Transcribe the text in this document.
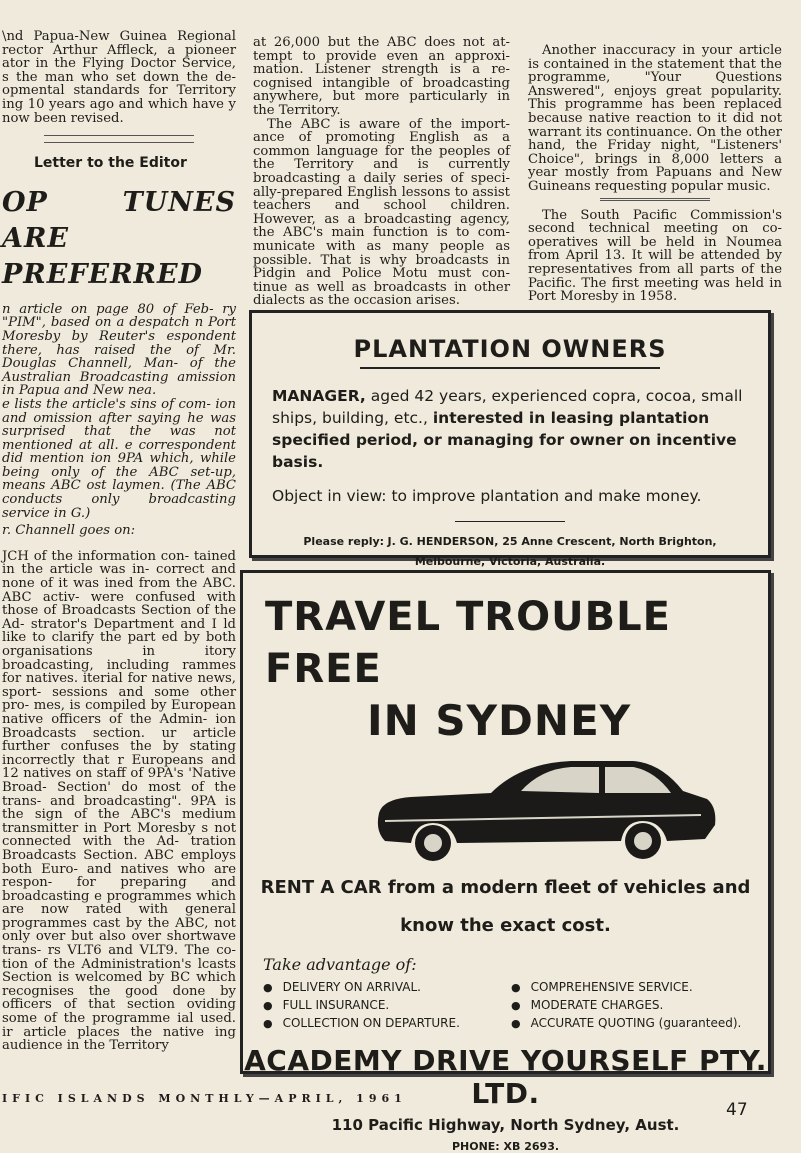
\nd Papua-New Guinea Regional rector Arthur Affleck, a pioneer ator in the Flying Doctor Service, s the man who set down the de- opmental standards for Territory ing 10 years ago and which have y now been revised.

Letter to the Editor
OP TUNES ARE PREFERRED

n article on page 80 of Feb- ry "PIM", based on a despatch n Port Moresby by Reuter's espondent there, has raised the of Mr. Douglas Channell, Man- of the Australian Broadcasting amission in Papua and New nea.

e lists the article's sins of com- ion and omission after saying he was surprised that the was not mentioned at all. e correspondent did mention ion 9PA which, while being only of the ABC set-up, means ABC ost laymen. (The ABC conducts only broadcasting service in G.)

r. Channell goes on:

JCH of the information con- tained in the article was in- correct and none of it was ined from the ABC. ABC activ- were confused with those of Broadcasts Section of the Ad- strator's Department and I ld like to clarify the part ed by both organisations in itory broadcasting, including rammes for natives. iterial for native news, sport- sessions and some other pro- mes, is compiled by European native officers of the Admin- ion Broadcasts section. ur article further confuses the by stating incorrectly that r Europeans and 12 natives on staff of 9PA's 'Native Broad- Section' do most of the trans- and broadcasting". 9PA is the sign of the ABC's medium transmitter in Port Moresby s not connected with the Ad- tration Broadcasts Section. ABC employs both Euro- and natives who are respon- for preparing and broadcasting e programmes which are now rated with general programmes cast by the ABC, not only over but also over shortwave trans- rs VLT6 and VLT9. The co- tion of the Administration's lcasts Section is welcomed by BC which recognises the good done by officers of that section oviding some of the programme ial used. ir article places the native ing audience in the Territory

at 26,000 but the ABC does not at- tempt to provide even an approxi- mation. Listener strength is a re- cognised intangible of broadcasting anywhere, but more particularly in the Territory.

The ABC is aware of the import- ance of promoting English as a common language for the peoples of the Territory and is currently broadcasting a daily series of speci- ally-prepared English lessons to assist teachers and school children. However, as a broadcasting agency, the ABC's main function is to com- municate with as many people as possible. That is why broadcasts in Pidgin and Police Motu must con- tinue as well as broadcasts in other dialects as the occasion arises.

Another inaccuracy in your article is contained in the statement that the programme, "Your Questions Answered", enjoys great popularity. This programme has been replaced because native reaction to it did not warrant its continuance. On the other hand, the Friday night, "Listeners' Choice", brings in 8,000 letters a year mostly from Papuans and New Guineans requesting popular music.

The South Pacific Commission's second technical meeting on co- operatives will be held in Noumea from April 13. It will be attended by representatives from all parts of the Pacific. The first meeting was held in Port Moresby in 1958.

PLANTATION OWNERS
MANAGER, aged 42 years, experienced copra, cocoa, small ships, building, etc., interested in leasing plantation specified period, or managing for owner on incentive basis.
Object in view: to improve plantation and make money.
Please reply: J. G. HENDERSON, 25 Anne Crescent, North Brighton,
Melbourne, Victoria, Australia.
TRAVEL TROUBLE FREE
IN SYDNEY
RENT A CAR from a modern fleet of vehicles and
know the exact cost.
Take advantage of:
● DELIVERY ON ARRIVAL.	● COMPREHENSIVE SERVICE.
● FULL INSURANCE.	● MODERATE CHARGES.
● COLLECTION ON DEPARTURE.	● ACCURATE QUOTING (guaranteed).
ACADEMY DRIVE YOURSELF PTY. LTD.
110 Pacific Highway, North Sydney, Aust.
PHONE: XB 2693.
IFIC ISLANDS MONTHLY—APRIL, 1961
47
